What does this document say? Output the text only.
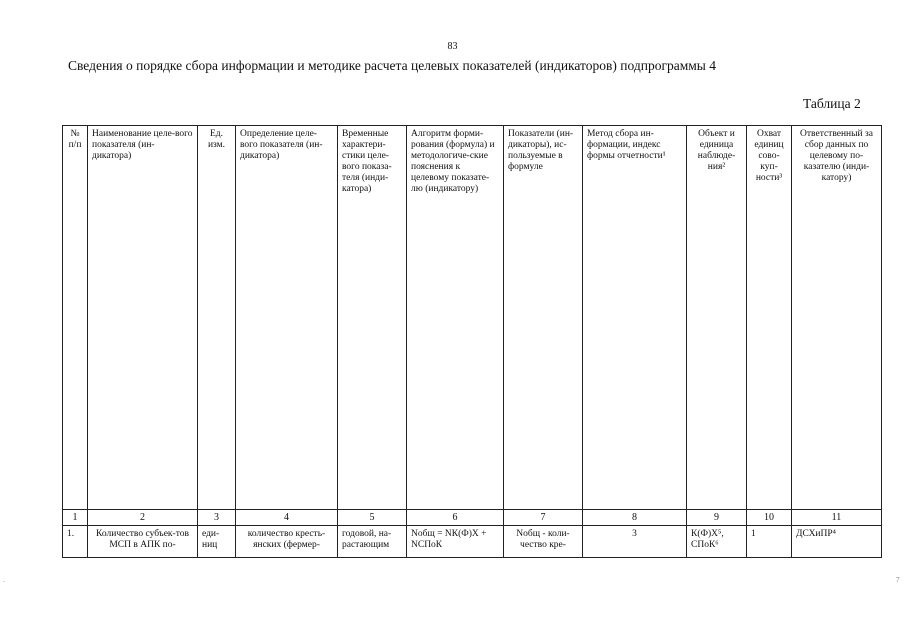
83
Сведения о порядке сбора информации и методике расчета целевых показателей (индикаторов) подпрограммы 4
Таблица 2
№ п/п	Наименование целе-вого показателя (ин-дикатора)	Ед. изм.	Определение целе-вого показателя (ин-дикатора)	Временные характери-стики целе-вого показа-теля (инди-катора)	Алгоритм форми-рования (формула) и методологиче-ские пояснения к целевому показате-лю (индикатору)	Показатели (ин-дикаторы), ис-пользуемые в формуле	Метод сбора ин-формации, индекс формы отчетности¹	Объект и единица наблюде-ния²	Охват единиц сово-куп-ности³	Ответственный за сбор данных по целевому по-казателю (инди-катору)
1	2	3	4	5	6	7	8	9	10	11
1.	Количество субъек-тов МСП в АПК по-	еди-ниц	количество кресть-янских (фермер-	годовой, на-растающим	Nобщ = NК(Ф)Х + NСПоК	Nобщ - коли-чество кре-	3	К(Ф)Х⁵, СПоК⁶	1	ДСХиПР⁴
.	7
